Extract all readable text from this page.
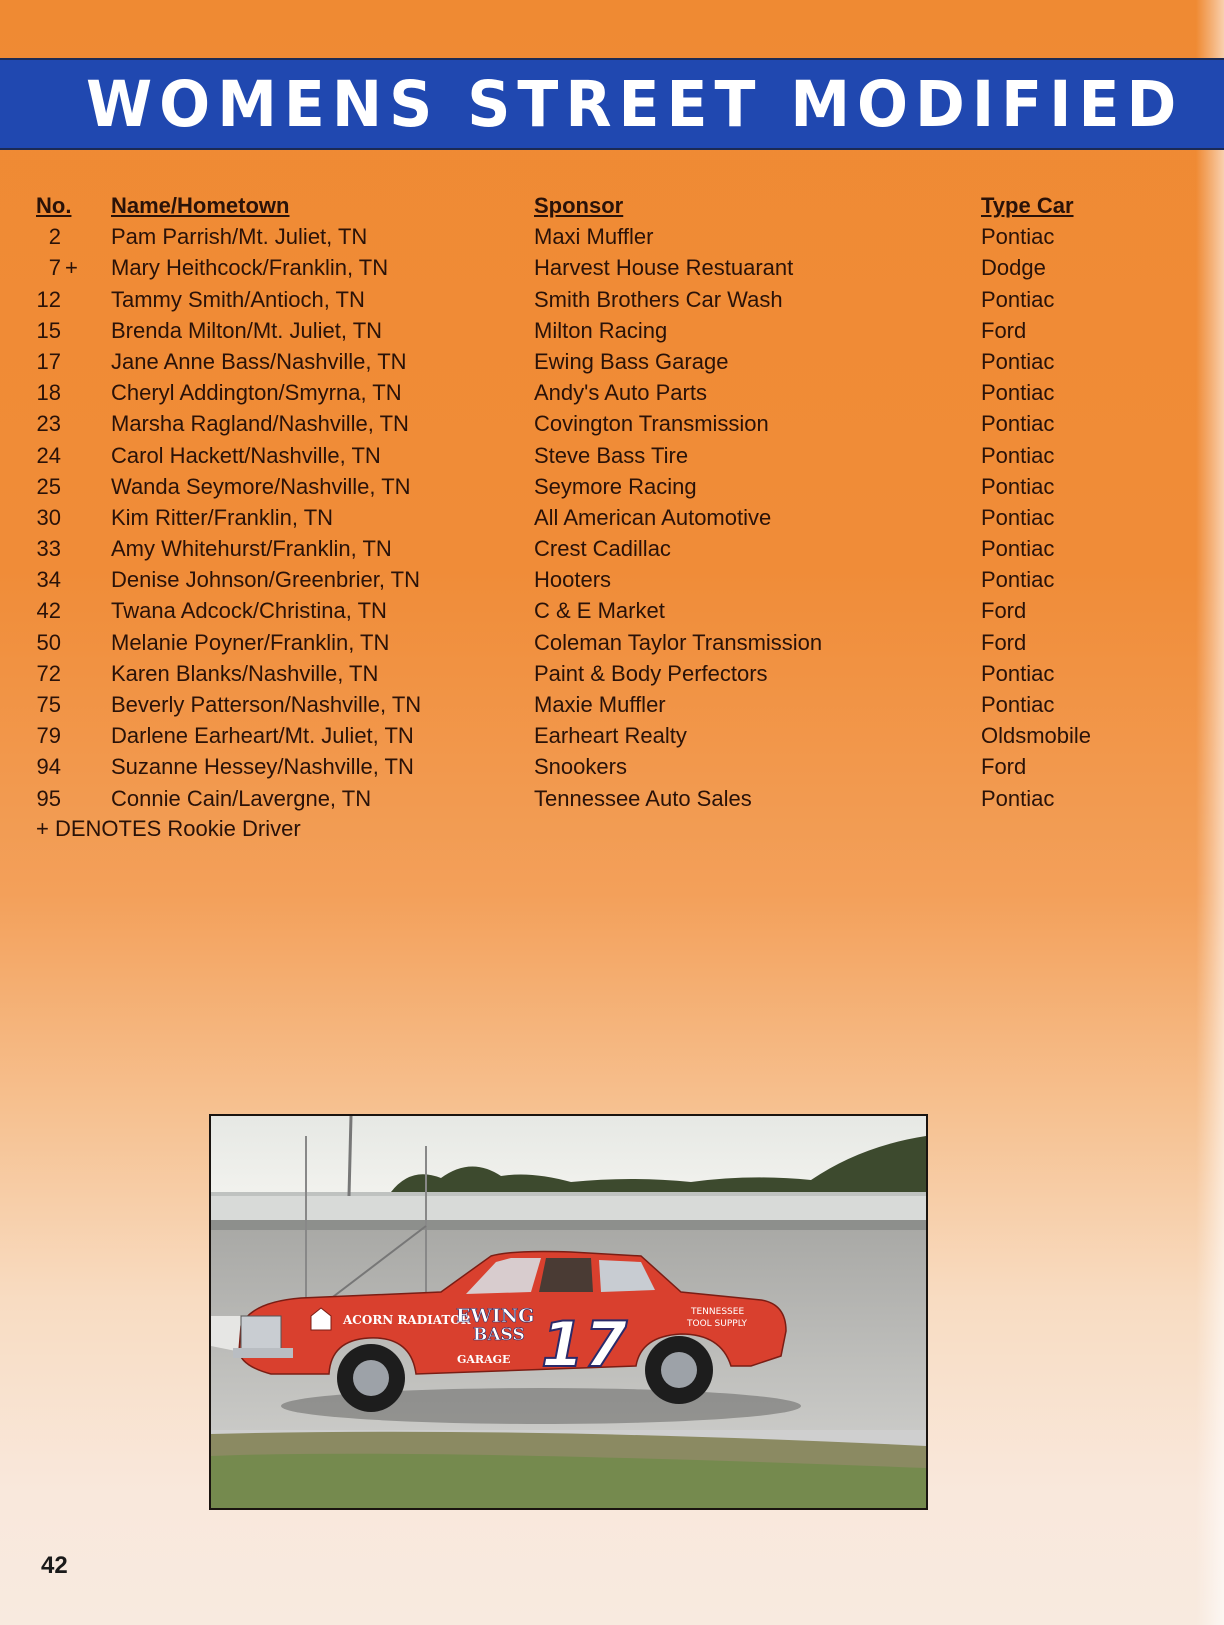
WOMENS STREET MODIFIED
No.	Name/Hometown	Sponsor	Type Car
2 Pam Parrish/Mt. Juliet, TN	Maxi Muffler	Pontiac
7 + Mary Heithcock/Franklin, TN	Harvest House Restuarant	Dodge
12 Tammy Smith/Antioch, TN	Smith Brothers Car Wash	Pontiac
15 Brenda Milton/Mt. Juliet, TN	Milton Racing	Ford
17 Jane Anne Bass/Nashville, TN	Ewing Bass Garage	Pontiac
18 Cheryl Addington/Smyrna, TN	Andy's Auto Parts	Pontiac
23 Marsha Ragland/Nashville, TN	Covington Transmission	Pontiac
24 Carol Hackett/Nashville, TN	Steve Bass Tire	Pontiac
25 Wanda Seymore/Nashville, TN	Seymore Racing	Pontiac
30 Kim Ritter/Franklin, TN	All American Automotive	Pontiac
33 Amy Whitehurst/Franklin, TN	Crest Cadillac	Pontiac
34 Denise Johnson/Greenbrier, TN	Hooters	Pontiac
42 Twana Adcock/Christina, TN	C & E Market	Ford
50 Melanie Poyner/Franklin, TN	Coleman Taylor Transmission	Ford
72 Karen Blanks/Nashville, TN	Paint & Body Perfectors	Pontiac
75 Beverly Patterson/Nashville, TN	Maxie Muffler	Pontiac
79 Darlene Earheart/Mt. Juliet, TN	Earheart Realty	Oldsmobile
94 Suzanne Hessey/Nashville, TN	Snookers	Ford
95 Connie Cain/Lavergne, TN	Tennessee Auto Sales	Pontiac
+ DENOTES Rookie Driver
ACORN RADIATOR
EWING
BASS
GARAGE 17	TENNESSEE
TOOL SUPPLY
42
